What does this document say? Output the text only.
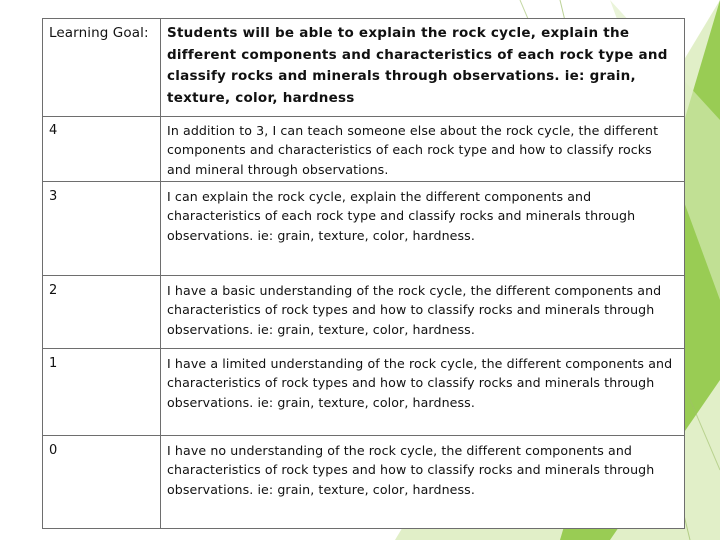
Learning Goal:	Students will be able to explain the rock cycle, explain the different components and characteristics of each rock type and classify rocks and minerals through observations. ie: grain, texture, color, hardness
4	In addition to 3, I can teach someone else about the rock cycle, the different components and characteristics of each rock type and how to classify rocks and mineral through observations.
3	I can explain the rock cycle, explain the different components and characteristics of each rock type and classify rocks and minerals through observations. ie: grain, texture, color, hardness.
2	I have a basic understanding of the rock cycle, the different components and characteristics of rock types and how to classify rocks and minerals through observations. ie: grain, texture, color, hardness.
1	I have a limited understanding of the rock cycle, the different components and characteristics of rock types and how to classify rocks and minerals through observations. ie: grain, texture, color, hardness.
0	I have no understanding of the rock cycle, the different components and characteristics of rock types and how to classify rocks and minerals through observations. ie: grain, texture, color, hardness.
